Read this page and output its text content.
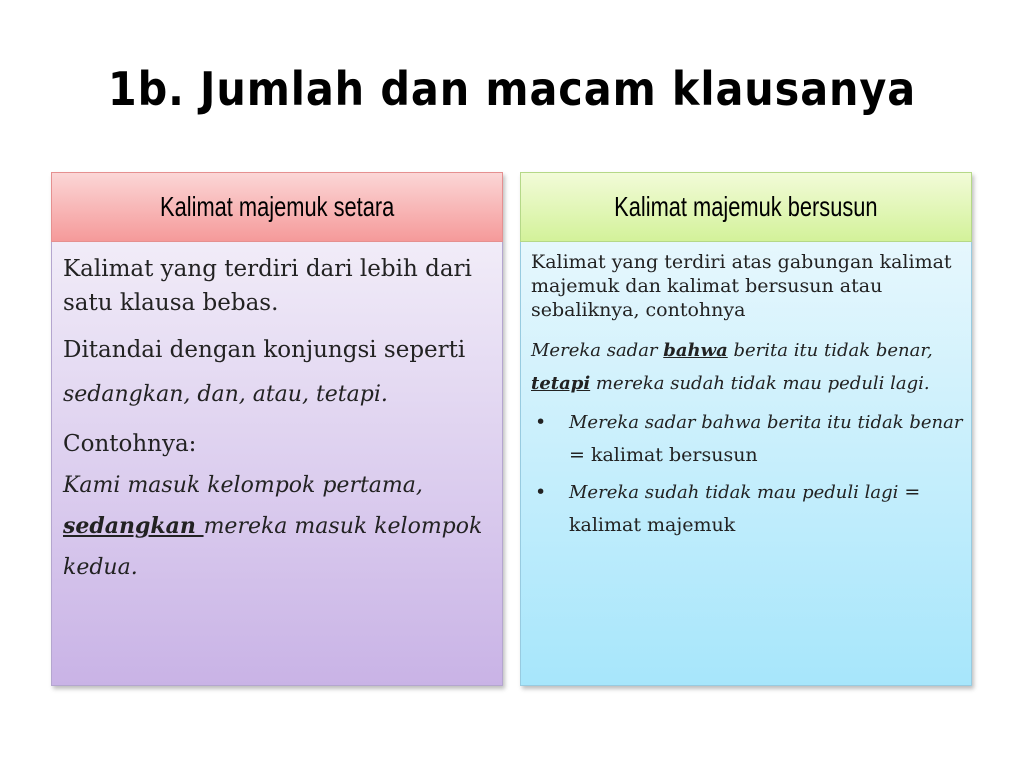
1b. Jumlah dan macam klausanya
Kalimat majemuk setara

Kalimat yang terdiri dari lebih dari satu klausa bebas.

Ditandai dengan konjungsi seperti sedangkan, dan, atau, tetapi.

Contohnya:

Kami masuk kelompok pertama, sedangkan mereka masuk kelompok kedua.

Kalimat majemuk bersusun

Kalimat yang terdiri atas gabungan kalimat majemuk dan kalimat bersusun atau sebaliknya, contohnya

Mereka sadar bahwa berita itu tidak benar, tetapi mereka sudah tidak mau peduli lagi.

• Mereka sadar bahwa berita itu tidak benar = kalimat bersusun
• Mereka sudah tidak mau peduli lagi = kalimat majemuk
